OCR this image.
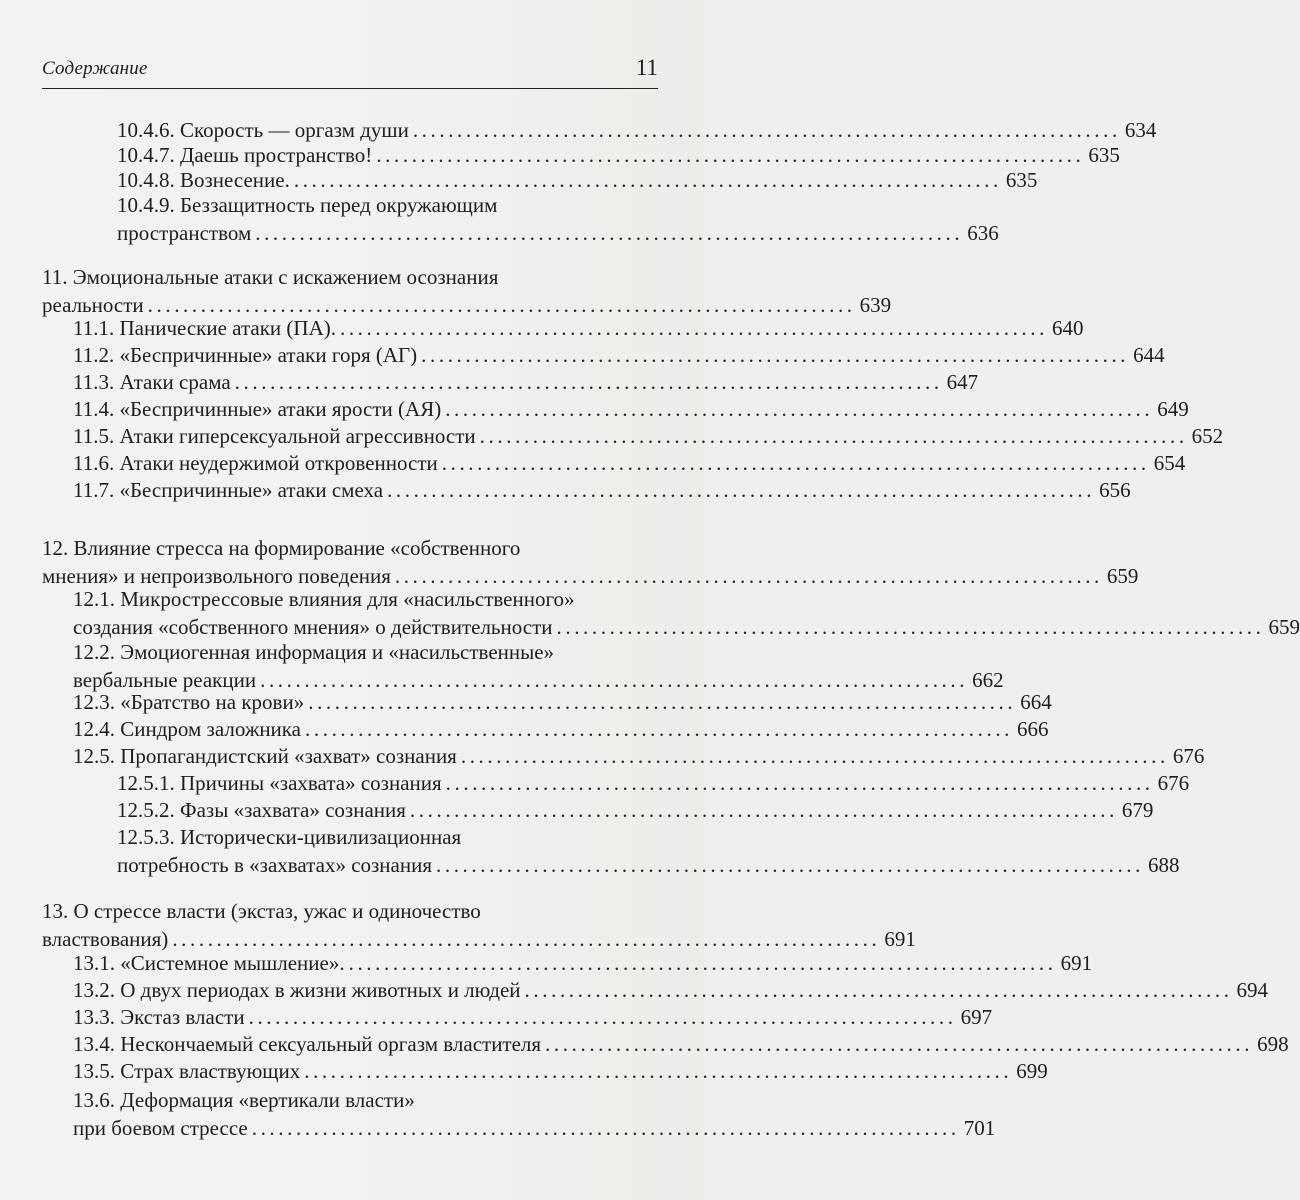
Содержание	11
10.4.6. Скорость — оргазм души ................................................................................ 634
10.4.7. Даешь пространство! ................................................................................ 635
10.4.8. Вознесение. ................................................................................ 635
10.4.9. Беззащитность перед окружающим
пространством ................................................................................ 636
11. Эмоциональные атаки с искажением осознания
реальности ................................................................................ 639
11.1. Панические атаки (ПА). ................................................................................ 640
11.2. «Беспричинные» атаки горя (АГ) ................................................................................ 644
11.3. Атаки срама ................................................................................ 647
11.4. «Беспричинные» атаки ярости (АЯ) ................................................................................ 649
11.5. Атаки гиперсексуальной агрессивности ................................................................................ 652
11.6. Атаки неудержимой откровенности ................................................................................ 654
11.7. «Беспричинные» атаки смеха ................................................................................ 656
12. Влияние стресса на формирование «собственного
мнения» и непроизвольного поведения ................................................................................ 659
12.1. Микрострессовые влияния для «насильственного»
создания «собственного мнения» о действительности ................................................................................ 659
12.2. Эмоциогенная информация и «насильственные»
вербальные реакции ................................................................................ 662
12.3. «Братство на крови» ................................................................................ 664
12.4. Синдром заложника ................................................................................ 666
12.5. Пропагандистский «захват» сознания ................................................................................ 676
12.5.1. Причины «захвата» сознания ................................................................................ 676
12.5.2. Фазы «захвата» сознания ................................................................................ 679
12.5.3. Исторически-цивилизационная
потребность в «захватах» сознания ................................................................................ 688
13. О стрессе власти (экстаз, ужас и одиночество
властвования) ................................................................................ 691
13.1. «Системное мышление». ................................................................................ 691
13.2. О двух периодах в жизни животных и людей ................................................................................ 694
13.3. Экстаз власти ................................................................................ 697
13.4. Нескончаемый сексуальный оргазм властителя ................................................................................ 698
13.5. Страх властвующих ................................................................................ 699
13.6. Деформация «вертикали власти»
при боевом стрессе ................................................................................ 701
